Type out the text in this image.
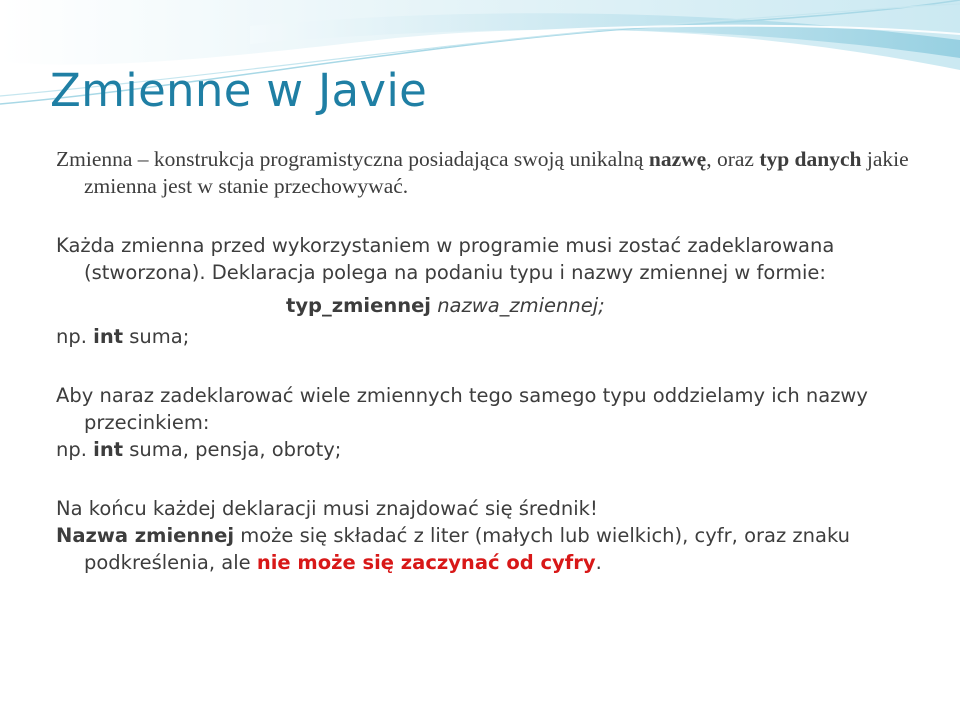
Zmienne w Javie

Zmienna – konstrukcja programistyczna posiadająca swoją unikalną nazwę, oraz typ danych jakie zmienna jest w stanie przechowywać.

Każda zmienna przed wykorzystaniem w programie musi zostać zadeklarowana (stworzona). Deklaracja polega na podaniu typu i nazwy zmiennej w formie:

typ_zmiennej nazwa_zmiennej;

np. int suma;

Aby naraz zadeklarować wiele zmiennych tego samego typu oddzielamy ich nazwy przecinkiem:

np. int suma, pensja, obroty;

Na końcu każdej deklaracji musi znajdować się średnik!

Nazwa zmiennej może się składać z liter (małych lub wielkich), cyfr, oraz znaku podkreślenia, ale nie może się zaczynać od cyfry.
